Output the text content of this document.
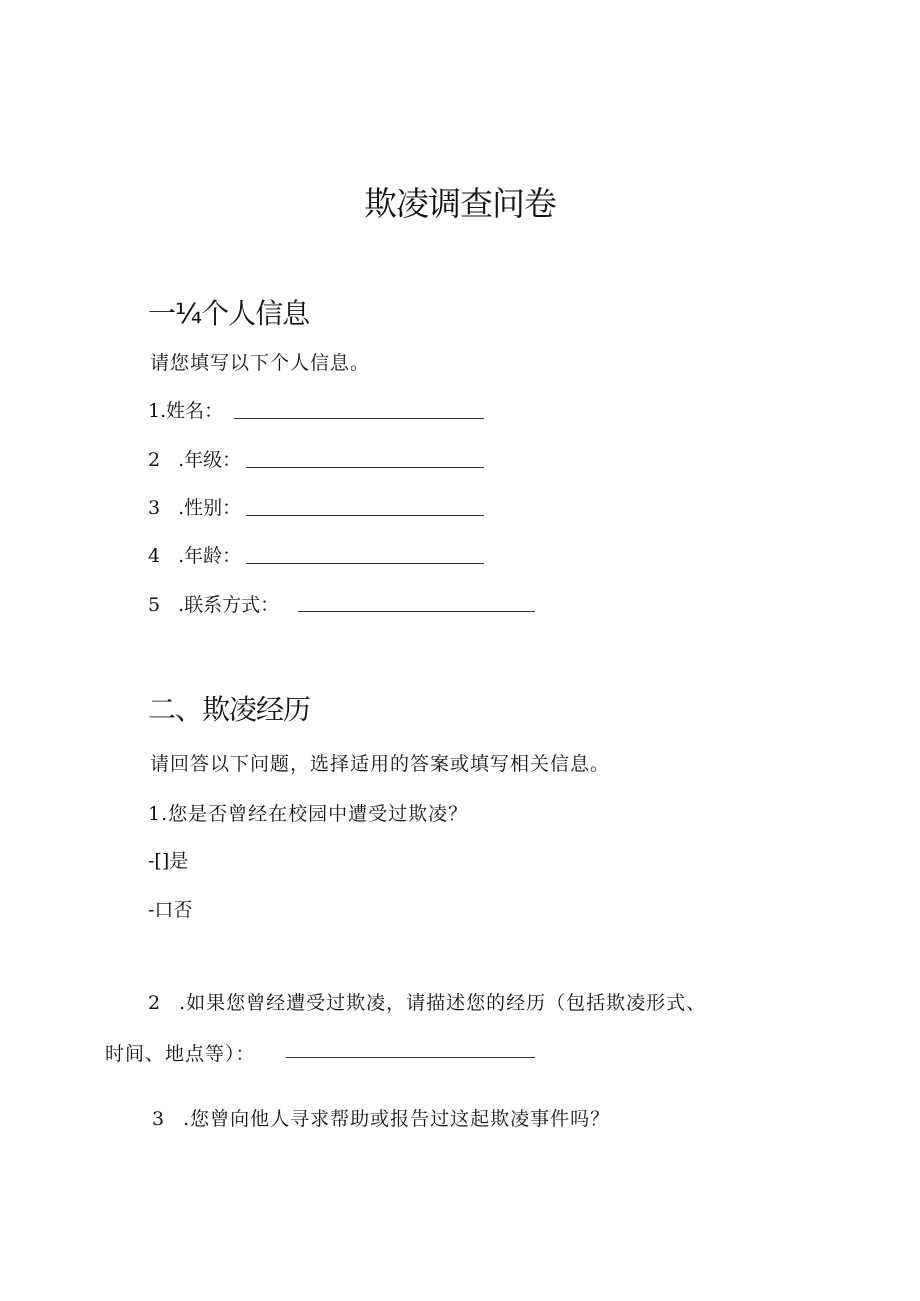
欺凌调查问卷
一¼个人信息
请您填写以下个人信息。
1.姓名：
2 .年级：
3 .性别：
4 .年龄：
5 .联系方式：
二、欺凌经历
请回答以下问题，选择适用的答案或填写相关信息。
1.您是否曾经在校园中遭受过欺凌？
-[]是
-口否
2 .如果您曾经遭受过欺凌，请描述您的经历（包括欺凌形式、
时间、地点等）：
3 .您曾向他人寻求帮助或报告过这起欺凌事件吗？
